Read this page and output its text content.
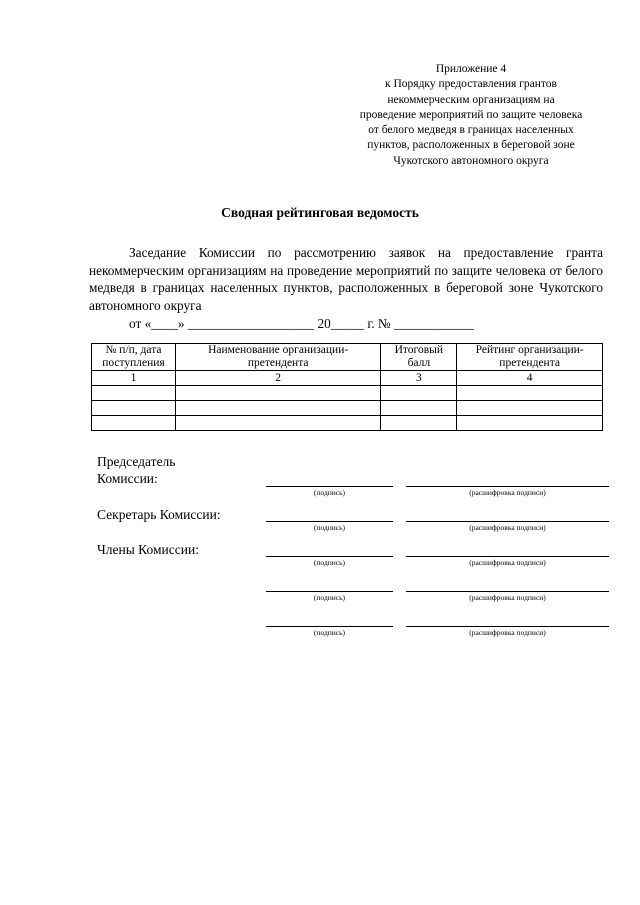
Приложение 4
к Порядку предоставления грантов
некоммерческим организациям на
проведение мероприятий по защите человека
от белого медведя в границах населенных
пунктов, расположенных в береговой зоне
Чукотского автономного округа
Сводная рейтинговая ведомость
Заседание Комиссии по рассмотрению заявок на предоставление гранта некоммерческим организациям на проведение мероприятий по защите человека от белого медведя в границах населенных пунктов, расположенных в береговой зоне Чукотского автономного округа
от «____» ___________________ 20_____ г. № ____________
№ п/п, дата поступления	Наименование организации-претендента	Итоговый балл	Рейтинг организации-претендента
1	2	3	4

Председатель
Комиссии:
(подпись)	(расшифровка подписи)
Секретарь Комиссии:
(подпись)	(расшифровка подписи)
Члены Комиссии:
(подпись)	(расшифровка подписи)
(подпись)	(расшифровка подписи)
(подпись)	(расшифровка подписи)
